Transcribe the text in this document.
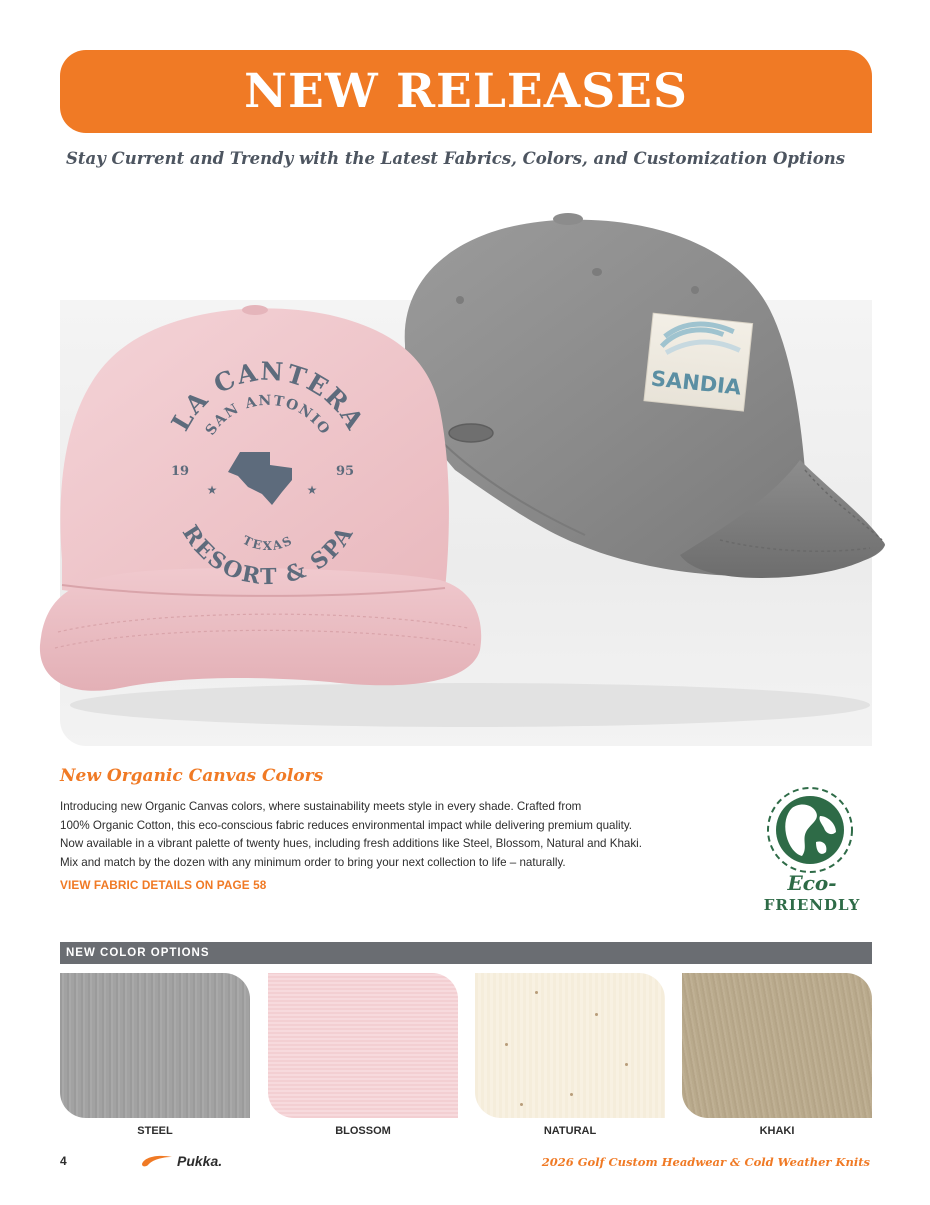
NEW RELEASES
Stay Current and Trendy with the Latest Fabrics, Colors, and Customization Options
SANDIA
LA CANTERA
SAN ANTONIO
19	95
★	★
TEXAS
RESORT & SPA
New Organic Canvas Colors

Introducing new Organic Canvas colors, where sustainability meets style in every shade. Crafted from

100% Organic Cotton, this eco-conscious fabric reduces environmental impact while delivering premium quality.

Now available in a vibrant palette of twenty hues, including fresh additions like Steel, Blossom, Natural and Khaki.

Mix and match by the dozen with any minimum order to bring your next collection to life – naturally.

VIEW FABRIC DETAILS ON PAGE 58	Eco-
FRIENDLY
NEW COLOR OPTIONS
STEEL	BLOSSOM	NATURAL	KHAKI
4	Pukka.	2026 Golf Custom Headwear & Cold Weather Knits
